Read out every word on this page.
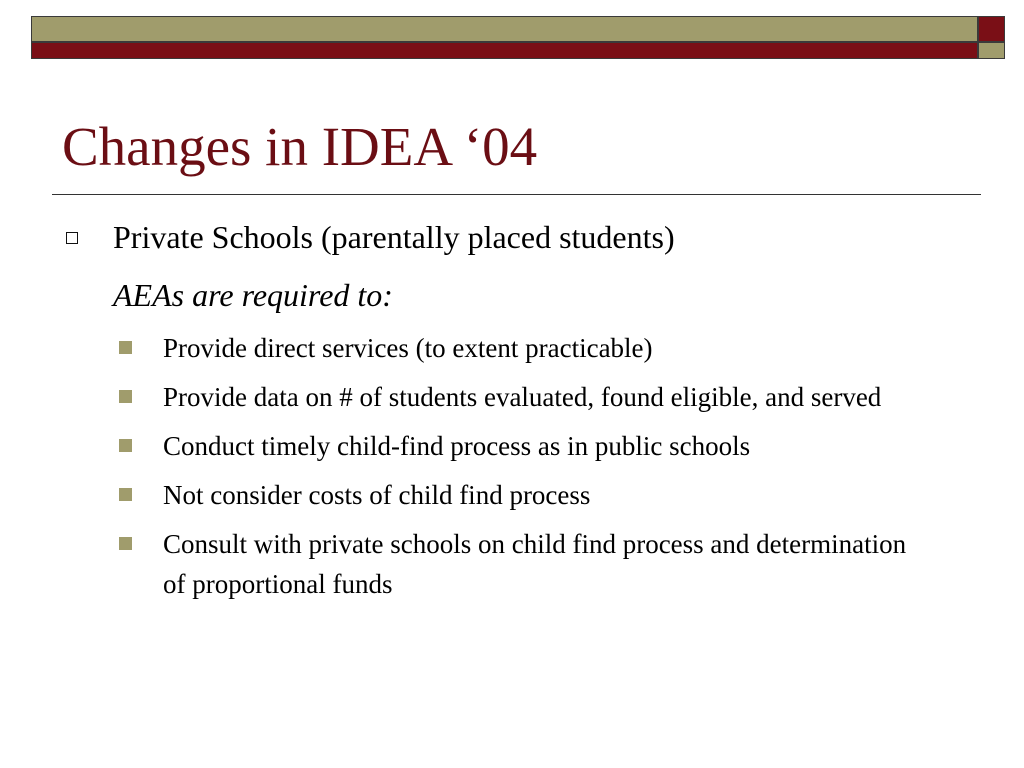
Changes in IDEA ‘04
Private Schools (parentally placed students)
AEAs are required to:
Provide direct services (to extent practicable)
Provide data on # of students evaluated, found eligible, and served
Conduct timely child-find process as in public schools
Not consider costs of child find process
Consult with private schools on child find process and determination of proportional funds
